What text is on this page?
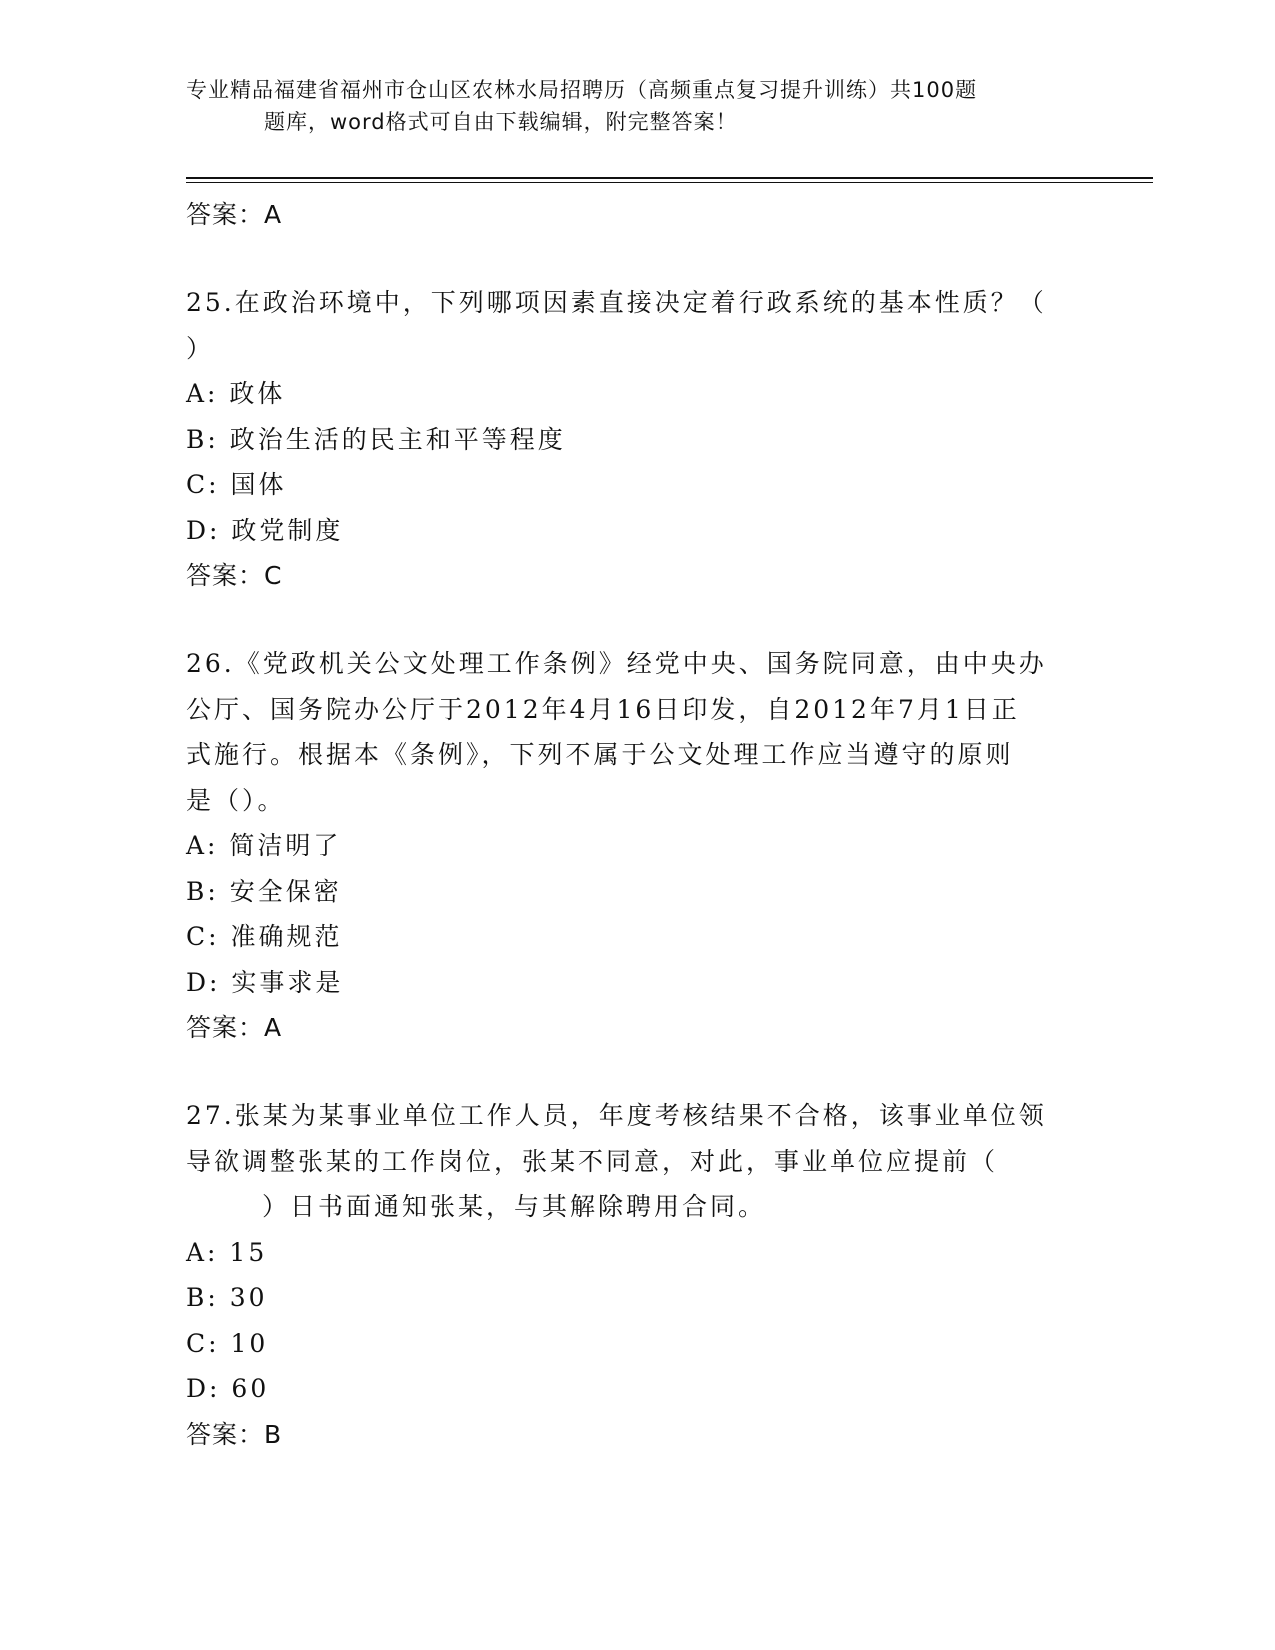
专业精品福建省福州市仓山区农林水局招聘历（高频重点复习提升训练）共100题
题库，word格式可自由下载编辑，附完整答案！
答案：A
25.在政治环境中，下列哪项因素直接决定着行政系统的基本性质？（
）
A: 政体
B: 政治生活的民主和平等程度
C: 国体
D: 政党制度
答案：C
26.《党政机关公文处理工作条例》经党中央、国务院同意，由中央办
公厅、国务院办公厅于2012年4月16日印发，自2012年7月1日正
式施行。根据本《条例》，下列不属于公文处理工作应当遵守的原则
是（）。
A: 简洁明了
B: 安全保密
C: 准确规范
D: 实事求是
答案：A
27.张某为某事业单位工作人员，年度考核结果不合格，该事业单位领
导欲调整张某的工作岗位，张某不同意，对此，事业单位应提前（
）日书面通知张某，与其解除聘用合同。
A: 15
B: 30
C: 10
D: 60
答案：B
